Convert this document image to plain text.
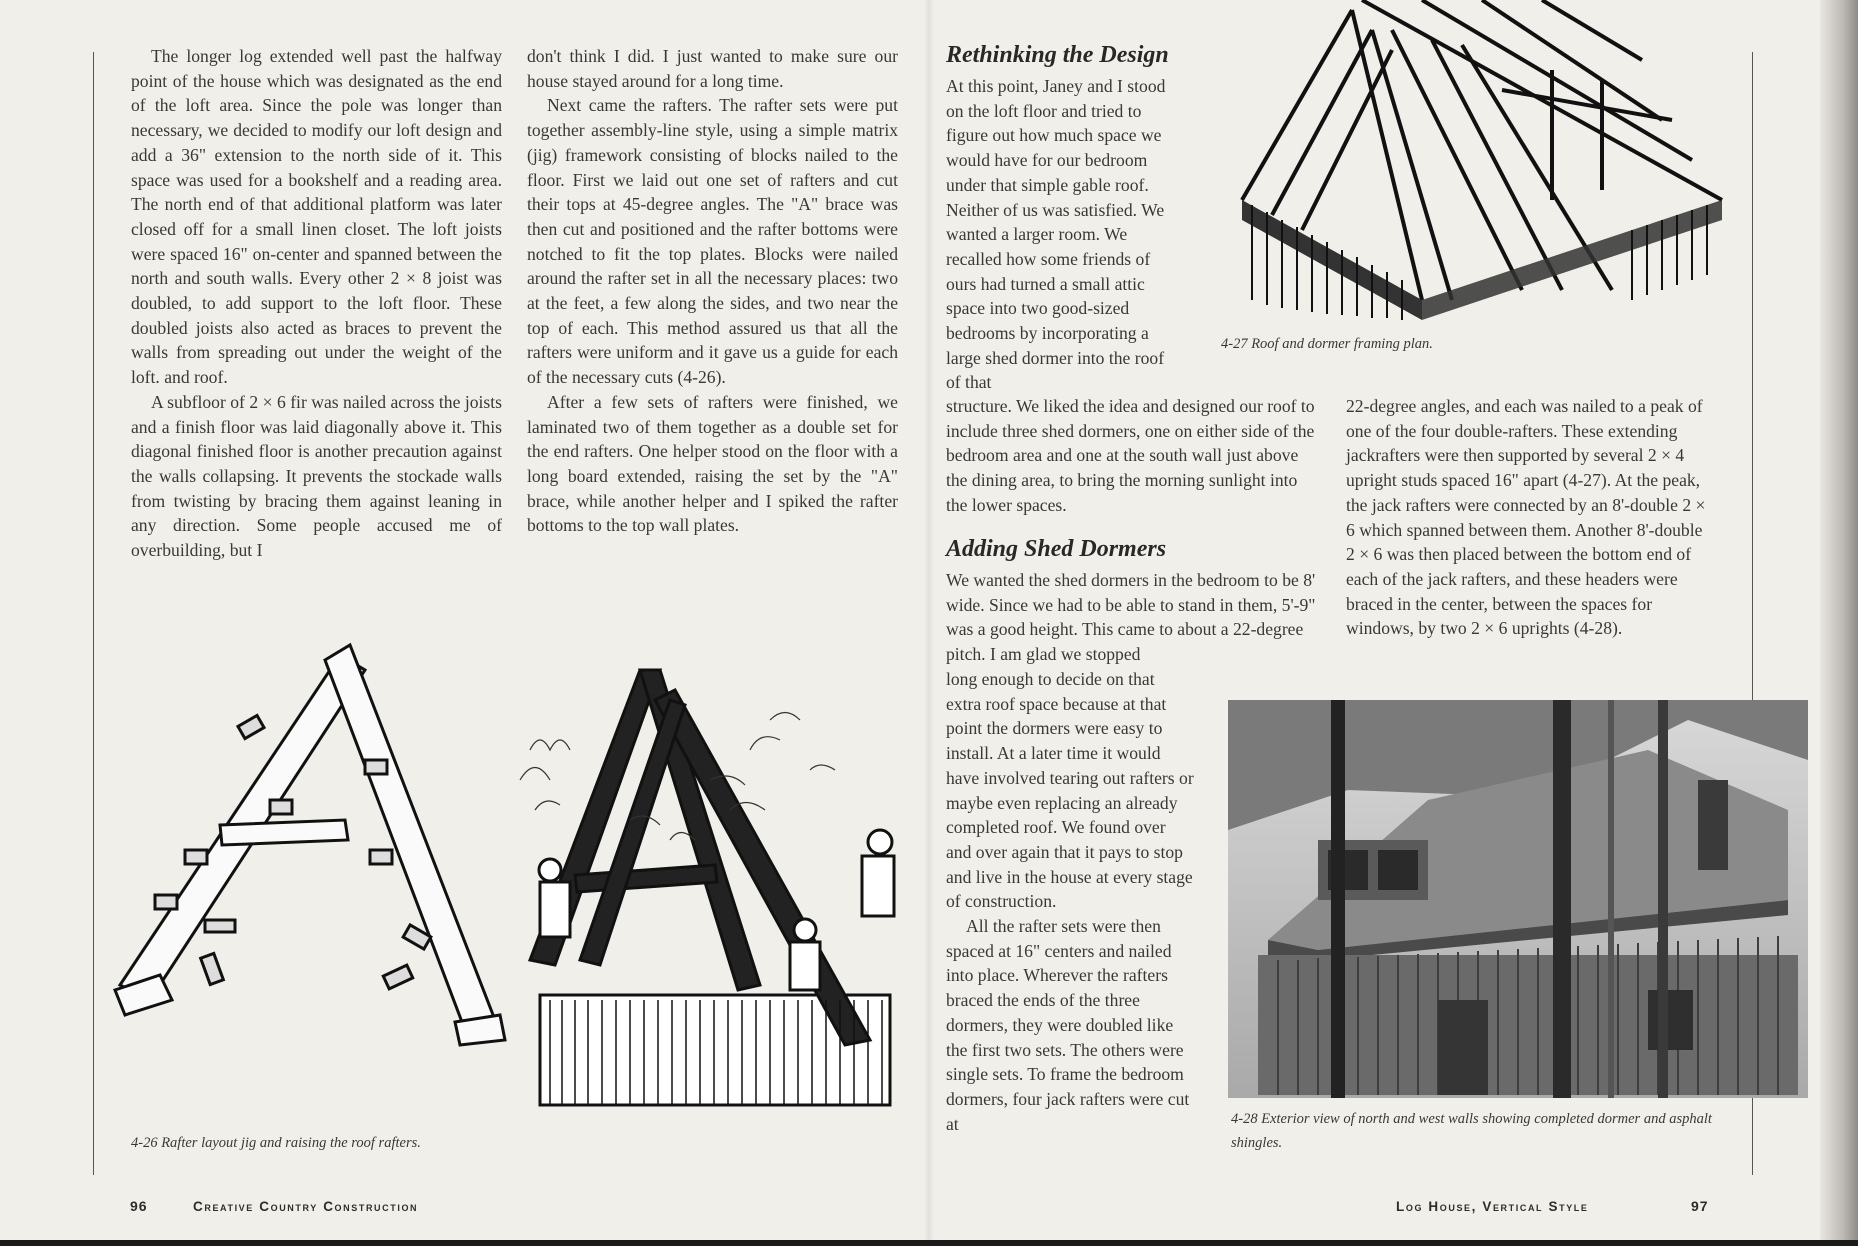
The longer log extended well past the halfway point of the house which was designated as the end of the loft area. Since the pole was longer than necessary, we decided to modify our loft design and add a 36" extension to the north side of it. This space was used for a bookshelf and a reading area. The north end of that additional platform was later closed off for a small linen closet. The loft joists were spaced 16" on-center and spanned between the north and south walls. Every other 2 × 8 joist was doubled, to add support to the loft floor. These doubled joists also acted as braces to prevent the walls from spreading out under the weight of the loft. and roof.

A subfloor of 2 × 6 fir was nailed across the joists and a finish floor was laid diagonally above it. This diagonal finished floor is another precaution against the walls collapsing. It prevents the stockade walls from twisting by bracing them against leaning in any direction. Some people accused me of overbuilding, but I

don't think I did. I just wanted to make sure our house stayed around for a long time.

Next came the rafters. The rafter sets were put together assembly-line style, using a simple matrix (jig) framework consisting of blocks nailed to the floor. First we laid out one set of rafters and cut their tops at 45-degree angles. The "A" brace was then cut and positioned and the rafter bottoms were notched to fit the top plates. Blocks were nailed around the rafter set in all the necessary places: two at the feet, a few along the sides, and two near the top of each. This method assured us that all the rafters were uniform and it gave us a guide for each of the necessary cuts (4-26).

After a few sets of rafters were finished, we laminated two of them together as a double set for the end rafters. One helper stood on the floor with a long board extended, raising the set by the "A" brace, while another helper and I spiked the rafter bottoms to the top wall plates.

4-26 Rafter layout jig and raising the roof rafters.
96	Creative Country Construction
Rethinking the Design

At this point, Janey and I stood on the loft floor and tried to figure out how much space we would have for our bedroom under that simple gable roof. Neither of us was satisfied. We wanted a larger room. We recalled how some friends of ours had turned a small attic space into two good-sized bedrooms by incorporating a large shed dormer into the roof of that

4-27 Roof and dormer framing plan.

structure. We liked the idea and designed our roof to include three shed dormers, one on either side of the bedroom area and one at the south wall just above the dining area, to bring the morning sunlight into the lower spaces.

Adding Shed Dormers

We wanted the shed dormers in the bedroom to be 8' wide. Since we had to be able to stand in them, 5'-9" was a good height. This came to about a 22-degree pitch. I am glad we stopped

long enough to decide on that extra roof space because at that point the dormers were easy to install. At a later time it would have involved tearing out rafters or maybe even replacing an already completed roof. We found over and over again that it pays to stop and live in the house at every stage of construction.

All the rafter sets were then spaced at 16" centers and nailed into place. Wherever the rafters braced the ends of the three dormers, they were doubled like the first two sets. The others were single sets. To frame the bedroom dormers, four jack rafters were cut at

22-degree angles, and each was nailed to a peak of one of the four double-rafters. These extending jackrafters were then supported by several 2 × 4 upright studs spaced 16" apart (4-27). At the peak, the jack rafters were connected by an 8'-double 2 × 6 which spanned between them. Another 8'-double 2 × 6 was then placed between the bottom end of each of the jack rafters, and these headers were braced in the center, between the spaces for windows, by two 2 × 6 uprights (4-28).

4-28 Exterior view of north and west walls showing completed dormer and asphalt shingles.
Log House, Vertical Style	97
